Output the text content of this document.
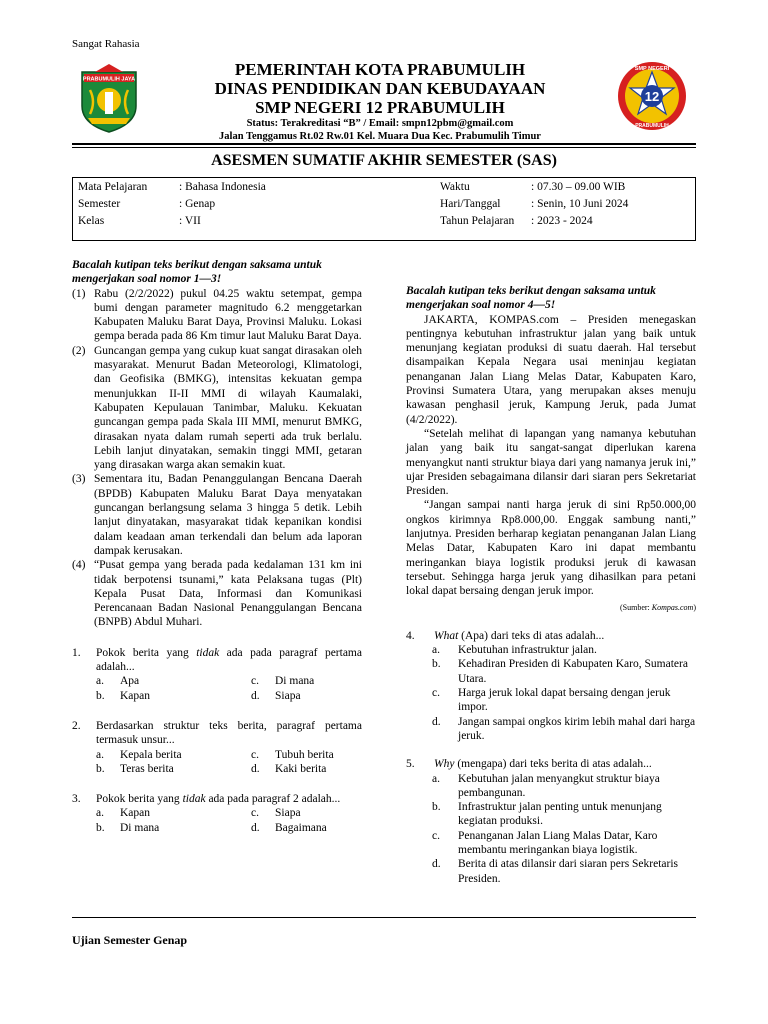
Sangat Rahasia
PRABUMULIH JAYA
PEMERINTAH KOTA PRABUMULIH
DINAS PENDIDIKAN DAN KEBUDAYAAN
SMP NEGERI 12 PRABUMULIH
Status: Terakreditasi “B” / Email: smpn12pbm@gmail.com
Jalan Tenggamus Rt.02 Rw.01 Kel. Muara Dua Kec. Prabumulih Timur
12
SMP NEGERI
PRABUMULIH
ASESMEN SUMATIF AKHIR SEMESTER (SAS)
Mata Pelajaran	: Bahasa Indonesia	Waktu	: 07.30 – 09.00 WIB
Semester	: Genap	Hari/Tanggal	: Senin, 10 Juni 2024
Kelas	: VII	Tahun Pelajaran : 2023 - 2024
Bacalah kutipan teks berikut dengan saksama untuk mengerjakan soal nomor 1—3!
(1) Rabu (2/2/2022) pukul 04.25 waktu setempat, gempa bumi dengan parameter magnitudo 6.2 menggetarkan Kabupaten Maluku Barat Daya, Provinsi Maluku. Lokasi gempa berada pada 86 Km timur laut Maluku Barat Daya.
(2) Guncangan gempa yang cukup kuat sangat dirasakan oleh masyarakat. Menurut Badan Meteorologi, Klimatologi, dan Geofisika (BMKG), intensitas kekuatan gempa menunjukkan II-II MMI di wilayah Kaumalaki, Kabupaten Kepulauan Tanimbar, Maluku. Kekuatan guncangan gempa pada Skala III MMI, menurut BMKG, dirasakan nyata dalam rumah seperti ada truk berlalu. Lebih lanjut dinyatakan, semakin tinggi MMI, getaran yang dirasakan warga akan semakin kuat.
(3) Sementara itu, Badan Penanggulangan Bencana Daerah (BPDB) Kabupaten Maluku Barat Daya menyatakan guncangan berlangsung selama 3 hingga 5 detik. Lebih lanjut dinyatakan, masyarakat tidak kepanikan kondisi dalam keadaan aman terkendali dan belum ada laporan dampak kerusakan.
(4) “Pusat gempa yang berada pada kedalaman 131 km ini tidak berpotensi tsunami,” kata Pelaksana tugas (Plt) Kepala Pusat Data, Informasi dan Komunikasi Perencanaan Badan Nasional Penanggulangan Bencana (BNPB) Abdul Muhari.
1.	Pokok berita yang tidak ada pada paragraf pertama adalah...
a.	Apa	c.	Di mana
b.	Kapan	d.	Siapa
2.	Berdasarkan struktur teks berita, paragraf pertama termasuk unsur...
a.	Kepala berita	c.	Tubuh berita
b.	Teras berita	d.	Kaki berita
3.	Pokok berita yang tidak ada pada paragraf 2 adalah...
a.	Kapan	c.	Siapa
b.	Di mana	d.	Bagaimana
Bacalah kutipan teks berikut dengan saksama untuk mengerjakan soal nomor 4—5!

JAKARTA, KOMPAS.com – Presiden menegaskan pentingnya kebutuhan infrastruktur jalan yang baik untuk menunjang kegiatan produksi di suatu daerah. Hal tersebut disampaikan Kepala Negara usai meninjau kegiatan penanganan Jalan Liang Melas Datar, Kabupaten Karo, Provinsi Sumatera Utara, yang merupakan akses menuju kawasan penghasil jeruk, Kampung Jeruk, pada Jumat (4/2/2022).

“Setelah melihat di lapangan yang namanya kebutuhan jalan yang baik itu sangat-sangat diperlukan karena menyangkut nanti struktur biaya dari yang namanya jeruk ini,” ujar Presiden sebagaimana dilansir dari siaran pers Sekretariat Presiden.

“Jangan sampai nanti harga jeruk di sini Rp50.000,00 ongkos kirimnya Rp8.000,00. Enggak sambung nanti,” lanjutnya. Presiden berharap kegiatan penanganan Jalan Liang Melas Datar, Kabupaten Karo ini dapat membantu meringankan biaya logistik produksi jeruk di kawasan tersebut. Sehingga harga jeruk yang dihasilkan para petani lokal dapat bersaing dengan jeruk impor.

(Sumber: Kompas.com)
4.	What (Apa) dari teks di atas adalah...
a.	Kebutuhan infrastruktur jalan.
b.	Kehadiran Presiden di Kabupaten Karo, Sumatera Utara.
c.	Harga jeruk lokal dapat bersaing dengan jeruk impor.
d.	Jangan sampai ongkos kirim lebih mahal dari harga jeruk.
5.	Why (mengapa) dari teks berita di atas adalah...
a.	Kebutuhan jalan menyangkut struktur biaya pembangunan.
b.	Infrastruktur jalan penting untuk menunjang kegiatan produksi.
c.	Penanganan Jalan Liang Malas Datar, Karo membantu meringankan biaya logistik.
d.	Berita di atas dilansir dari siaran pers Sekretaris Presiden.
Ujian Semester Genap
